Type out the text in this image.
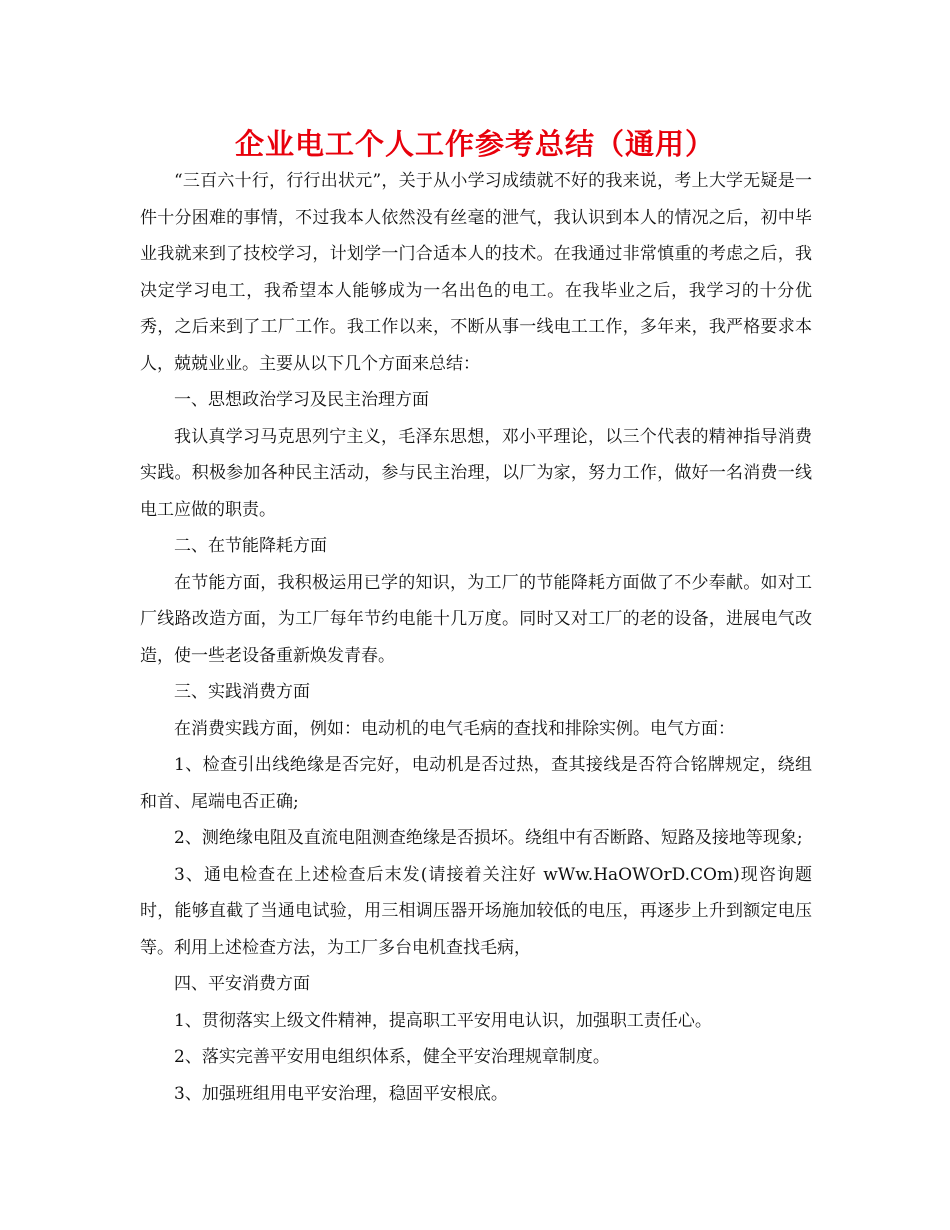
企业电工个人工作参考总结（通用）

“三百六十行，行行出状元”，关于从小学习成绩就不好的我来说，考上大学无疑是一件十分困难的事情，不过我本人依然没有丝毫的泄气，我认识到本人的情况之后，初中毕业我就来到了技校学习，计划学一门合适本人的技术。在我通过非常慎重的考虑之后，我决定学习电工，我希望本人能够成为一名出色的电工。在我毕业之后，我学习的十分优秀，之后来到了工厂工作。我工作以来，不断从事一线电工工作，多年来，我严格要求本人，兢兢业业。主要从以下几个方面来总结：

一、思想政治学习及民主治理方面

我认真学习马克思列宁主义，毛泽东思想，邓小平理论，以三个代表的精神指导消费实践。积极参加各种民主活动，参与民主治理，以厂为家，努力工作，做好一名消费一线电工应做的职责。

二、在节能降耗方面

在节能方面，我积极运用已学的知识，为工厂的节能降耗方面做了不少奉献。如对工厂线路改造方面，为工厂每年节约电能十几万度。同时又对工厂的老的设备，进展电气改造，使一些老设备重新焕发青春。

三、实践消费方面

在消费实践方面，例如：电动机的电气毛病的查找和排除实例。电气方面：

1、检查引出线绝缘是否完好，电动机是否过热，查其接线是否符合铭牌规定，绕组和首、尾端电否正确;

2、测绝缘电阻及直流电阻测查绝缘是否损坏。绕组中有否断路、短路及接地等现象;

3、通电检查在上述检查后末发(请接着关注好 wWw.HaOWOrD.COm)现咨询题时，能够直截了当通电试验，用三相调压器开场施加较低的电压，再逐步上升到额定电压等。利用上述检查方法，为工厂多台电机查找毛病，

四、平安消费方面

1、贯彻落实上级文件精神，提高职工平安用电认识，加强职工责任心。

2、落实完善平安用电组织体系，健全平安治理规章制度。

3、加强班组用电平安治理，稳固平安根底。
